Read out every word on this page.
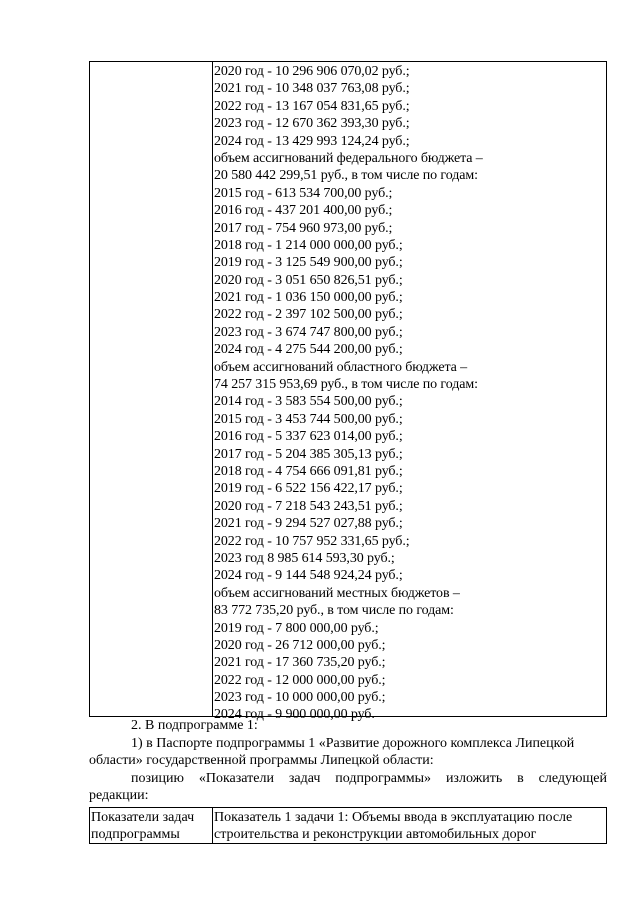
2020 год - 10 296 906 070,02 руб.;
2021 год - 10 348 037 763,08 руб.;
2022 год - 13 167 054 831,65 руб.;
2023 год - 12 670 362 393,30 руб.;
2024 год - 13 429 993 124,24 руб.;
объем ассигнований федерального бюджета –
20 580 442 299,51 руб., в том числе по годам:
2015 год - 613 534 700,00 руб.;
2016 год - 437 201 400,00 руб.;
2017 год - 754 960 973,00 руб.;
2018 год - 1 214 000 000,00 руб.;
2019 год - 3 125 549 900,00 руб.;
2020 год - 3 051 650 826,51 руб.;
2021 год - 1 036 150 000,00 руб.;
2022 год - 2 397 102 500,00 руб.;
2023 год - 3 674 747 800,00 руб.;
2024 год - 4 275 544 200,00 руб.;
объем ассигнований областного бюджета –
74 257 315 953,69 руб., в том числе по годам:
2014 год - 3 583 554 500,00 руб.;
2015 год - 3 453 744 500,00 руб.;
2016 год - 5 337 623 014,00 руб.;
2017 год - 5 204 385 305,13 руб.;
2018 год - 4 754 666 091,81 руб.;
2019 год - 6 522 156 422,17 руб.;
2020 год - 7 218 543 243,51 руб.;
2021 год - 9 294 527 027,88 руб.;
2022 год - 10 757 952 331,65 руб.;
2023 год 8 985 614 593,30 руб.;
2024 год - 9 144 548 924,24 руб.;
объем ассигнований местных бюджетов –
83 772 735,20 руб., в том числе по годам:
2019 год - 7 800 000,00 руб.;
2020 год - 26 712 000,00 руб.;
2021 год - 17 360 735,20 руб.;
2022 год - 12 000 000,00 руб.;
2023 год - 10 000 000,00 руб.;
2024 год - 9 900 000,00 руб.
2. В подпрограмме 1:
1) в Паспорте подпрограммы 1 «Развитие дорожного комплекса Липецкой
области» государственной программы Липецкой области:
позицию «Показатели задач подпрограммы» изложить в следующей
редакции:
Показатели задач
подпрограммы
Показатель 1 задачи 1: Объемы ввода в эксплуатацию после
строительства и реконструкции автомобильных дорог
